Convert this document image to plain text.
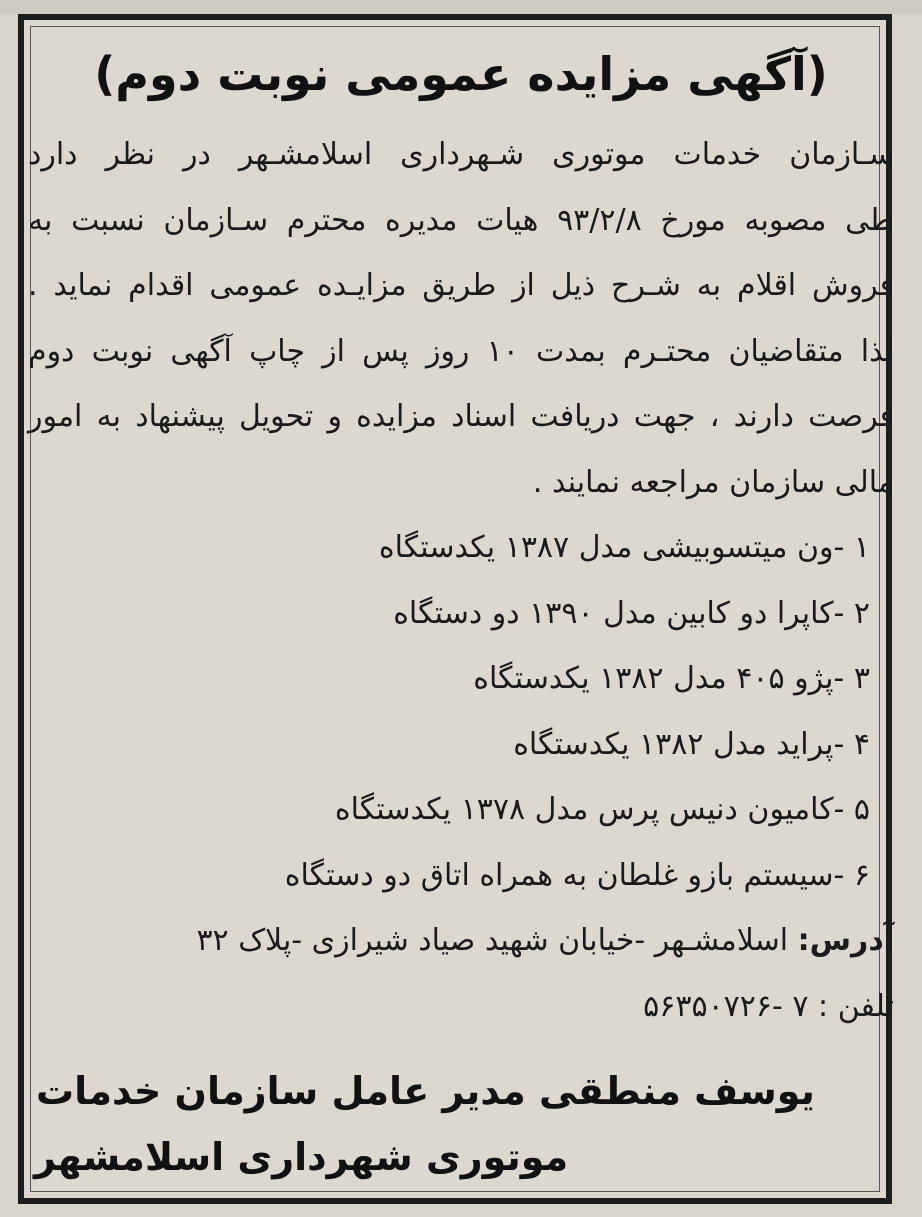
(آگهی مزایده عمومی نوبت دوم)
سـازمان خدمات موتوری شـهرداری اسلامشـهر در نظر دارد
طی مصوبه مورخ ۹۳/۲/۸ هیات مدیره محترم سـازمان نسبت به
فروش اقلام به شـرح ذیل از طریق مزایـده عمومی اقدام نماید .
لذا متقاضیان محتـرم بمدت ۱۰ روز پس از چاپ آگهی نوبت دوم
فرصت دارند ، جهت دریافت اسناد مزایده و تحویل پیشنهاد به امور
مالی سازمان مراجعه نمایند .
۱ -ون میتسوبیشی مدل ۱۳۸۷ یکدستگاه
۲ -کاپرا دو کابین مدل ۱۳۹۰ دو دستگاه
۳ -پژو ۴۰۵ مدل ۱۳۸۲ یکدستگاه
۴ -پراید مدل ۱۳۸۲ یکدستگاه
۵ -کامیون دنیس پرس مدل ۱۳۷۸ یکدستگاه
۶ -سیستم بازو غلطان به همراه اتاق دو دستگاه
آدرس: اسلامشـهر -خیابان شهید صیاد شیرازی -پلاک ۳۲
تلفن : ۷ -۵۶۳۵۰۷۲۶
یوسف منطقی مدیر عامل سازمان خدمات
موتوری شهرداری اسلامشهر
